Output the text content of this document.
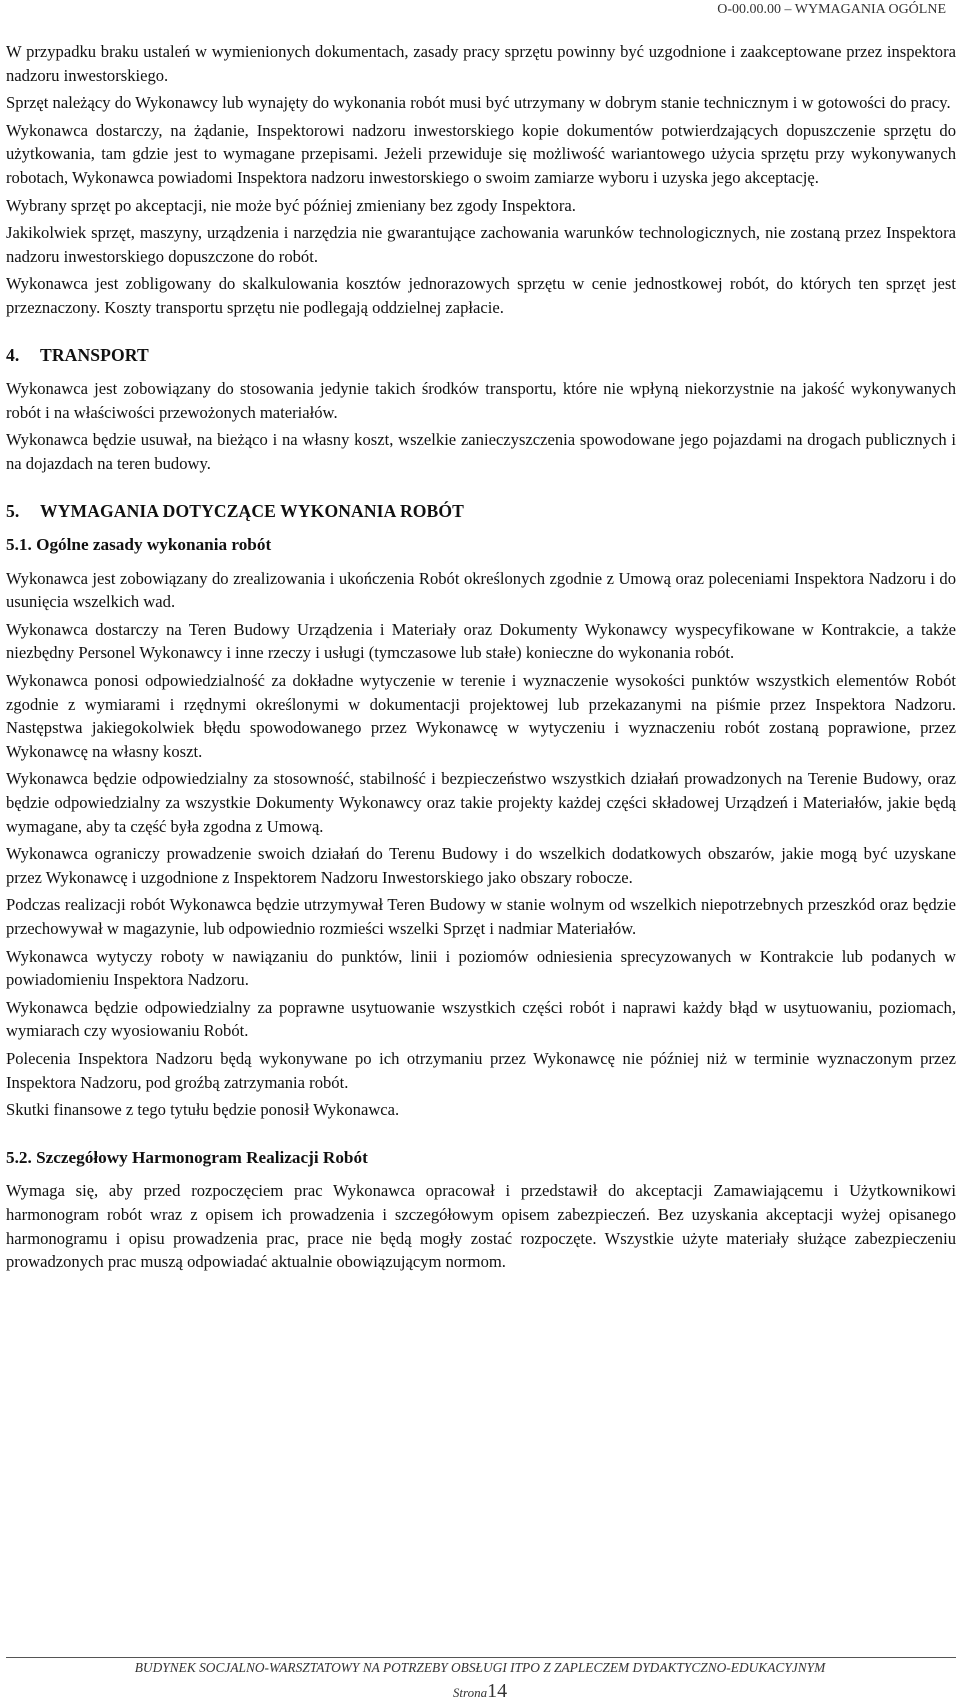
O-00.00.00 – WYMAGANIA OGÓLNE

W przypadku braku ustaleń w wymienionych dokumentach, zasady pracy sprzętu powinny być uzgodnione i zaakceptowane przez inspektora nadzoru inwestorskiego.

Sprzęt należący do Wykonawcy lub wynajęty do wykonania robót musi być utrzymany w dobrym stanie technicznym i w gotowości do pracy.

Wykonawca dostarczy, na żądanie, Inspektorowi nadzoru inwestorskiego kopie dokumentów potwierdzających dopuszczenie sprzętu do użytkowania, tam gdzie jest to wymagane przepisami. Jeżeli przewiduje się możliwość wariantowego użycia sprzętu przy wykonywanych robotach, Wykonawca powiadomi Inspektora nadzoru inwestorskiego o swoim zamiarze wyboru i uzyska jego akceptację.

Wybrany sprzęt po akceptacji, nie może być później zmieniany bez zgody Inspektora.

Jakikolwiek sprzęt, maszyny, urządzenia i narzędzia nie gwarantujące zachowania warunków technologicznych, nie zostaną przez Inspektora nadzoru inwestorskiego dopuszczone do robót.

Wykonawca jest zobligowany do skalkulowania kosztów jednorazowych sprzętu w cenie jednostkowej robót, do których ten sprzęt jest przeznaczony. Koszty transportu sprzętu nie podlegają oddzielnej zapłacie.

4. TRANSPORT

Wykonawca jest zobowiązany do stosowania jedynie takich środków transportu, które nie wpłyną niekorzystnie na jakość wykonywanych robót i na właściwości przewożonych materiałów.

Wykonawca będzie usuwał, na bieżąco i na własny koszt, wszelkie zanieczyszczenia spowodowane jego pojazdami na drogach publicznych i na dojazdach na teren budowy.

5. WYMAGANIA DOTYCZĄCE WYKONANIA ROBÓT
5.1. Ogólne zasady wykonania robót

Wykonawca jest zobowiązany do zrealizowania i ukończenia Robót określonych zgodnie z Umową oraz poleceniami Inspektora Nadzoru i do usunięcia wszelkich wad.

Wykonawca dostarczy na Teren Budowy Urządzenia i Materiały oraz Dokumenty Wykonawcy wyspecyfikowane w Kontrakcie, a także niezbędny Personel Wykonawcy i inne rzeczy i usługi (tymczasowe lub stałe) konieczne do wykonania robót.

Wykonawca ponosi odpowiedzialność za dokładne wytyczenie w terenie i wyznaczenie wysokości punktów wszystkich elementów Robót zgodnie z wymiarami i rzędnymi określonymi w dokumentacji projektowej lub przekazanymi na piśmie przez Inspektora Nadzoru. Następstwa jakiegokolwiek błędu spowodowanego przez Wykonawcę w wytyczeniu i wyznaczeniu robót zostaną poprawione, przez Wykonawcę na własny koszt.

Wykonawca będzie odpowiedzialny za stosowność, stabilność i bezpieczeństwo wszystkich działań prowadzonych na Terenie Budowy, oraz będzie odpowiedzialny za wszystkie Dokumenty Wykonawcy oraz takie projekty każdej części składowej Urządzeń i Materiałów, jakie będą wymagane, aby ta część była zgodna z Umową.

Wykonawca ograniczy prowadzenie swoich działań do Terenu Budowy i do wszelkich dodatkowych obszarów, jakie mogą być uzyskane przez Wykonawcę i uzgodnione z Inspektorem Nadzoru Inwestorskiego jako obszary robocze.

Podczas realizacji robót Wykonawca będzie utrzymywał Teren Budowy w stanie wolnym od wszelkich niepotrzebnych przeszkód oraz będzie przechowywał w magazynie, lub odpowiednio rozmieści wszelki Sprzęt i nadmiar Materiałów.

Wykonawca wytyczy roboty w nawiązaniu do punktów, linii i poziomów odniesienia sprecyzowanych w Kontrakcie lub podanych w powiadomieniu Inspektora Nadzoru.

Wykonawca będzie odpowiedzialny za poprawne usytuowanie wszystkich części robót i naprawi każdy błąd w usytuowaniu, poziomach, wymiarach czy wyosiowaniu Robót.

Polecenia Inspektora Nadzoru będą wykonywane po ich otrzymaniu przez Wykonawcę nie później niż w terminie wyznaczonym przez Inspektora Nadzoru, pod groźbą zatrzymania robót.

Skutki finansowe z tego tytułu będzie ponosił Wykonawca.

5.2. Szczegółowy Harmonogram Realizacji Robót

Wymaga się, aby przed rozpoczęciem prac Wykonawca opracował i przedstawił do akceptacji Zamawiającemu i Użytkownikowi harmonogram robót wraz z opisem ich prowadzenia i szczegółowym opisem zabezpieczeń. Bez uzyskania akceptacji wyżej opisanego harmonogramu i opisu prowadzenia prac, prace nie będą mogły zostać rozpoczęte. Wszystkie użyte materiały służące zabezpieczeniu prowadzonych prac muszą odpowiadać aktualnie obowiązującym normom.

BUDYNEK SOCJALNO-WARSZTATOWY NA POTRZEBY OBSŁUGI ITPO Z ZAPLECZEM DYDAKTYCZNO-EDUKACYJNYM
Strona14
